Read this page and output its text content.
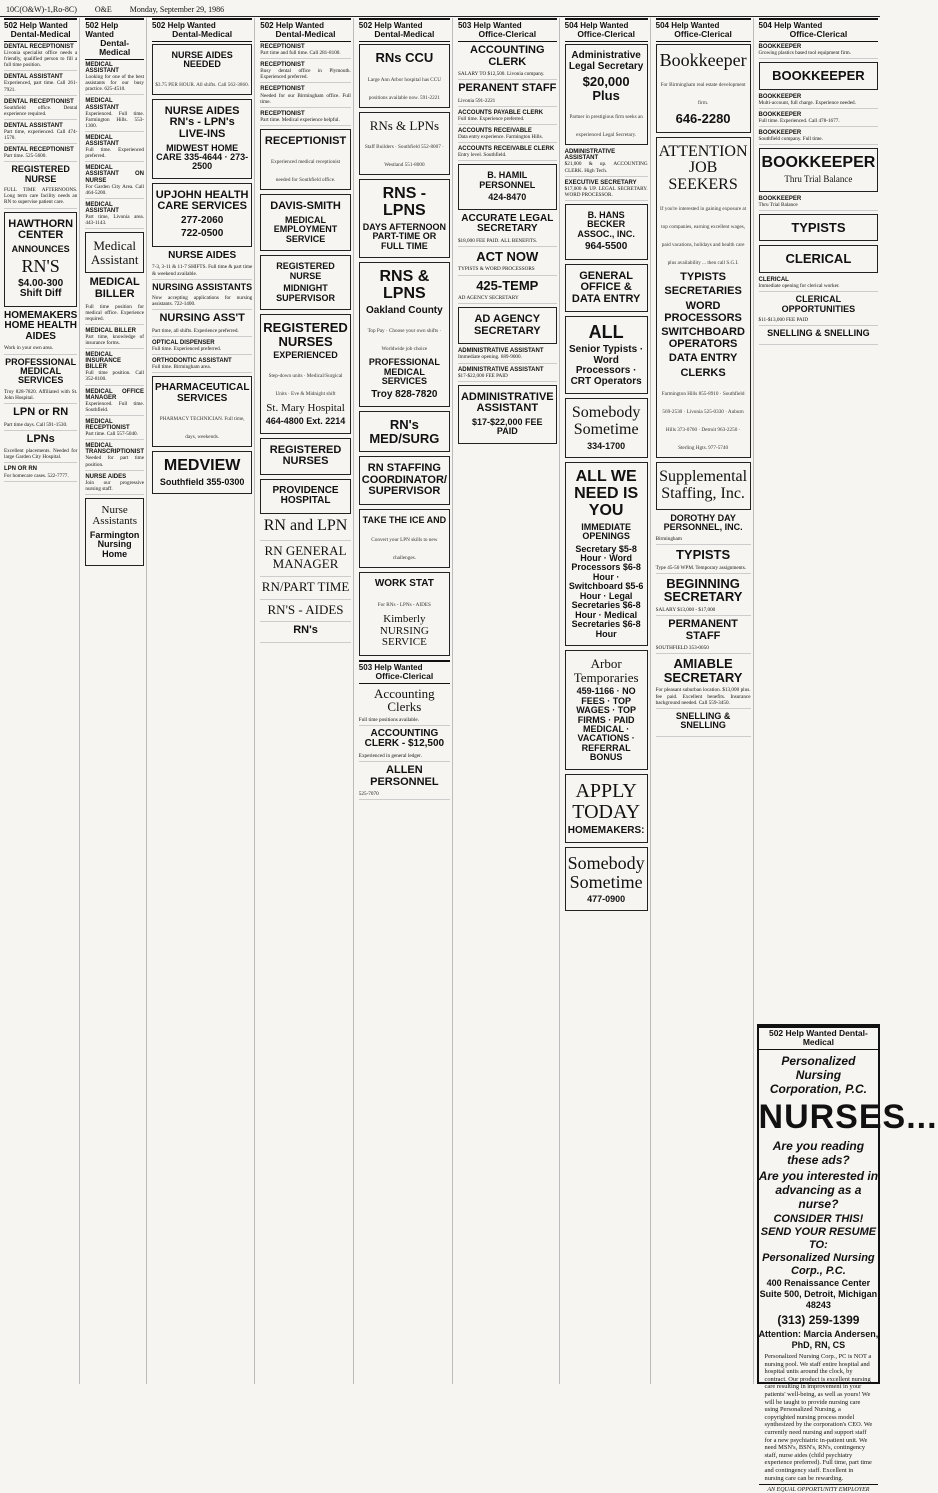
10C(O&W)-1,Ro-8C) O&E Monday, September 29, 1986
502 Help Wanted
Dental-Medical
DENTAL RECEPTIONIST
Livonia specialist office needs a friendly, qualified person to fill a full time position.
DENTAL ASSISTANT
Experienced, part time. Call 261-7921.
DENTAL RECEPTIONIST
Southfield office. Dental experience required.
DENTAL ASSISTANT
Part time, experienced. Call 474-1570.
DENTAL RECEPTIONIST
Part time. 525-5600.
REGISTERED NURSE
FULL TIME AFTERNOONS. Long term care facility needs an RN to supervise patient care.
HAWTHORN CENTER
ANNOUNCES
RN'S
$4.00-300 Shift Diff
HOMEMAKERS HOME HEALTH AIDES
Work in your own area.
PROFESSIONAL MEDICAL SERVICES
Troy 828-7820. Affiliated with St. John Hospital.
LPN or RN
Part time days. Call 591-1530.
LPNs
Excellent placements. Needed for large Garden City Hospital.
LPN OR RN
For homecare cases. 522-7777.
502 Help Wanted
Dental-Medical
MEDICAL ASSISTANT
Looking for one of the best assistants for our busy practice. 625-4510.
MEDICAL ASSISTANT
Experienced. Full time. Farmington Hills. 553-1300.
MEDICAL ASSISTANT
Full time. Experienced preferred.
MEDICAL ASSISTANT ON NURSE
For Garden City Area. Call 464-5200.
MEDICAL ASSISTANT
Part time, Livonia area. 443-1143.
Medical Assistant
MEDICAL BILLER
Full time position for medical office. Experience required.
MEDICAL BILLER
Part time, knowledge of insurance forms.
MEDICAL INSURANCE BILLER
Full time position. Call 352-8100.
MEDICAL OFFICE MANAGER
Experienced. Full time. Southfield.
MEDICAL RECEPTIONIST
Part time. Call 557-5040.
MEDICAL TRANSCRIPTIONIST
Needed for part time position.
NURSE AIDES
Join our progressive nursing staff.
Nurse Assistants
Farmington Nursing Home
502 Help Wanted
Dental-Medical
NURSE AIDES NEEDED
$3.75 PER HOUR. All shifts. Call 562-3860.
NURSE AIDES RN's - LPN's LIVE-INS
MIDWEST HOME CARE 335-4644 · 273-2500
UPJOHN HEALTH CARE SERVICES
277-2060
722-0500
NURSE AIDES
7-3, 3-11 & 11-7 SHIFTS. Full time & part time & weekend available.
NURSING ASSISTANTS
Now accepting applications for nursing assistants. 722-1400.
NURSING ASS'T
Part time, all shifts. Experience preferred.
OPTICAL DISPENSER
Full time. Experienced preferred.
ORTHODONTIC ASSISTANT
Full time. Birmingham area.
PHARMACEUTICAL SERVICES
PHARMACY TECHNICIAN. Full time, days, weekends.
MEDVIEW
Southfield 355-0300
502 Help Wanted
Dental-Medical
RECEPTIONIST
Part time and full time. Call 281-8100.
RECEPTIONIST
Busy dental office in Plymouth. Experienced preferred.
RECEPTIONIST
Needed for our Birmingham office. Full time.
RECEPTIONIST
Part time. Medical experience helpful.
RECEPTIONIST
Experienced medical receptionist needed for Southfield office.
DAVIS-SMITH
MEDICAL EMPLOYMENT SERVICE
REGISTERED NURSE
MIDNIGHT SUPERVISOR
REGISTERED NURSES
EXPERIENCED
Step-down units · Medical/Surgical Units · Eve & Midnight shift
St. Mary Hospital
464-4800 Ext. 2214
REGISTERED NURSES
PROVIDENCE HOSPITAL
RN and LPN
RN GENERAL MANAGER
RN/PART TIME
RN'S - AIDES
RN's
502 Help Wanted
Dental-Medical
RNs CCU
Large Ann Arbor hospital has CCU positions available now. 591-2221
RNs & LPNs
Staff Builders · Southfield 552-8007 · Westland 551-8000
RNS - LPNS
DAYS AFTERNOON PART-TIME OR FULL TIME
RNS & LPNS
Oakland County
Top Pay · Choose your own shifts · Worldwide job choice
PROFESSIONAL MEDICAL SERVICES
Troy 828-7820
RN's MED/SURG
RN STAFFING COORDINATOR/ SUPERVISOR
TAKE THE ICE AND
Convert your LPN skills to new challenges.
WORK STAT
For RNs - LPNs - AIDES
Kimberly NURSING SERVICE
503 Help Wanted
Office-Clerical
Accounting Clerks
Full time positions available.
ACCOUNTING CLERK - $12,500
Experienced in general ledger.
ALLEN PERSONNEL
525-7070
503 Help Wanted
Office-Clerical
ACCOUNTING CLERK
SALARY TO $12,500. Livonia company.
PERANENT STAFF
Livonia 591-2221
ACCOUNTS PAYABLE CLERK
Full time. Experience preferred.
ACCOUNTS RECEIVABLE
Data entry experience. Farmington Hills.
ACCOUNTS RECEIVABLE CLERK
Entry level. Southfield.
B. HAMIL PERSONNEL
424-8470
ACCURATE LEGAL SECRETARY
$18,000 FEE PAID. ALL BENEFITS.
ACT NOW
TYPISTS & WORD PROCESSORS
425-TEMP
AD AGENCY SECRETARY
AD AGENCY SECRETARY
ADMINISTRATIVE ASSISTANT
Immediate opening. 689-9000.
ADMINISTRATIVE ASSISTANT
$17-$22,000 FEE PAID
ADMINISTRATIVE ASSISTANT
$17-$22,000 FEE PAID
504 Help Wanted
Office-Clerical
Administrative Legal Secretary
$20,000 Plus
Partner in prestigious firm seeks an experienced Legal Secretary.
ADMINISTRATIVE ASSISTANT
$21,000 & up. ACCOUNTING CLERK. High Tech.
EXECUTIVE SECRETARY
$17,000 & UP. LEGAL SECRETARY. WORD PROCESSOR.
B. HANS BECKER ASSOC., INC.
964-5500
GENERAL OFFICE & DATA ENTRY
ALL
Senior Typists · Word Processors · CRT Operators
Somebody Sometime
334-1700
ALL WE NEED IS YOU
IMMEDIATE OPENINGS
Secretary $5-8 Hour · Word Processors $6-8 Hour · Switchboard $5-6 Hour · Legal Secretaries $6-8 Hour · Medical Secretaries $6-8 Hour
Arbor Temporaries
459-1166 · NO FEES · TOP WAGES · TOP FIRMS · PAID MEDICAL · VACATIONS · REFERRAL BONUS
APPLY TODAY
HOMEMAKERS:
Somebody Sometime
477-0900
504 Help Wanted
Office-Clerical
Bookkeeper
For Birmingham real estate development firm.
646-2280
ATTENTION JOB SEEKERS
If you're interested in gaining exposure at top companies, earning excellent wages, paid vacations, holidays and health care plus availability ... then call S.G.I.
TYPISTS
SECRETARIES
WORD PROCESSORS
SWITCHBOARD OPERATORS
DATA ENTRY
CLERKS
Farmington Hills 855-8910 · Southfield 569-2530 · Livonia 525-0330 · Auburn Hills 373-0700 · Detroit 963-2250 · Sterling Hgts. 977-5740
Supplemental Staffing, Inc.
DOROTHY DAY PERSONNEL, INC.
Birmingham
TYPISTS
Type 45-50 WPM. Temporary assignments.
BEGINNING SECRETARY
SALARY $13,000 - $17,000
PERMANENT STAFF
SOUTHFIELD 353-0050
AMIABLE SECRETARY
For pleasant suburban location. $13,000 plus. fee paid. Excellent benefits. Insurance background needed. Call 559-3450.
SNELLING & SNELLING
504 Help Wanted
Office-Clerical
BOOKKEEPER
Growing plastics based tool equipment firm.
BOOKKEEPER
BOOKKEEPER
Multi-account, full charge. Experience needed.
BOOKKEEPER
Full time. Experienced. Call 478-1677.
BOOKKEEPER
Southfield company. Full time.
BOOKKEEPER
Thru Trial Balance
BOOKKEEPER
Thru Trial Balance
TYPISTS
CLERICAL
CLERICAL
Immediate opening for clerical worker.
CLERICAL OPPORTUNITIES
$11-$13,000 FEE PAID
SNELLING & SNELLING
502 Help Wanted Dental-Medical
Personalized Nursing Corporation, P.C.
NURSES...
Are you reading these ads?
Are you interested in advancing as a nurse?
CONSIDER THIS!
SEND YOUR RESUME TO:
Personalized Nursing Corp., P.C.
400 Renaissance Center
Suite 500, Detroit, Michigan 48243
(313) 259-1399
Attention: Marcia Andersen, PhD, RN, CS
Personalized Nursing Corp., PC is NOT a nursing pool. We staff entire hospital and hospital units around the clock, by contract. Our product is excellent nursing care resulting in improvement in your patients' well-being, as well as yours! We will be taught to provide nursing care using Personalized Nursing, a copyrighted nursing process model synthesized by the corporation's CEO. We currently need nursing and support staff for a new psychiatric in-patient unit. We need MSN's, BSN's, RN's, contingency staff, nurse aides (child psychiatry experience preferred). Full time, part time and contingency staff. Excellent in nursing care can be rewarding.
AN EQUAL OPPORTUNITY EMPLOYER
